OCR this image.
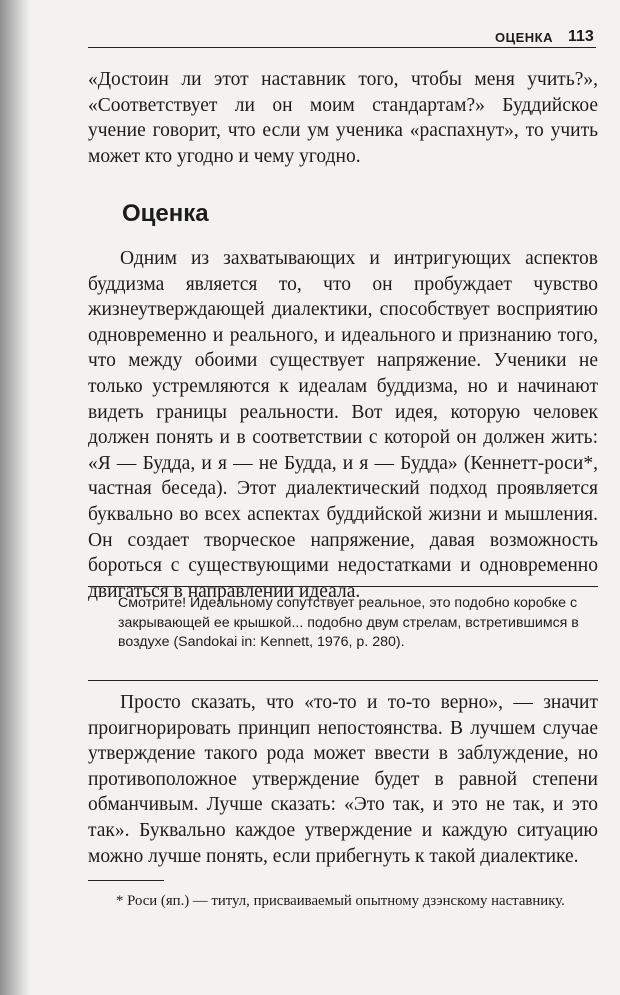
ОЦЕНКА 113

«Достоин ли этот наставник того, чтобы меня учить?», «Соответствует ли он моим стандартам?» Буддийское учение говорит, что если ум ученика «распахнут», то учить может кто угодно и чему угодно.

Оценка

Одним из захватывающих и интригующих аспектов буддизма является то, что он пробуждает чувство жизнеутверждающей диалектики, способствует восприятию одновременно и реального, и идеального и признанию того, что между обоими существует напряжение. Ученики не только устремляются к идеалам буддизма, но и начинают видеть границы реальности. Вот идея, которую человек должен понять и в соответствии с которой он должен жить: «Я — Будда, и я — не Будда, и я — Будда» (Кеннетт-роси*, частная беседа). Этот диалектический подход проявляется буквально во всех аспектах буддийской жизни и мышления. Он создает творческое напряжение, давая возможность бороться с существующими недостатками и одновременно двигаться в направлении идеала.

Смотрите! Идеальному сопутствует реальное, это подобно коробке с закрывающей ее крышкой... подобно двум стрелам, встретившимся в воздухе (Sandokai in: Kennett, 1976, p. 280).

Просто сказать, что «то-то и то-то верно», — значит проигнорировать принцип непостоянства. В лучшем случае утверждение такого рода может ввести в заблуждение, но противоположное утверждение будет в равной степени обманчивым. Лучше сказать: «Это так, и это не так, и это так». Буквально каждое утверждение и каждую ситуацию можно лучше понять, если прибегнуть к такой диалектике.

* Роси (яп.) — титул, присваиваемый опытному дзэнскому наставнику.
